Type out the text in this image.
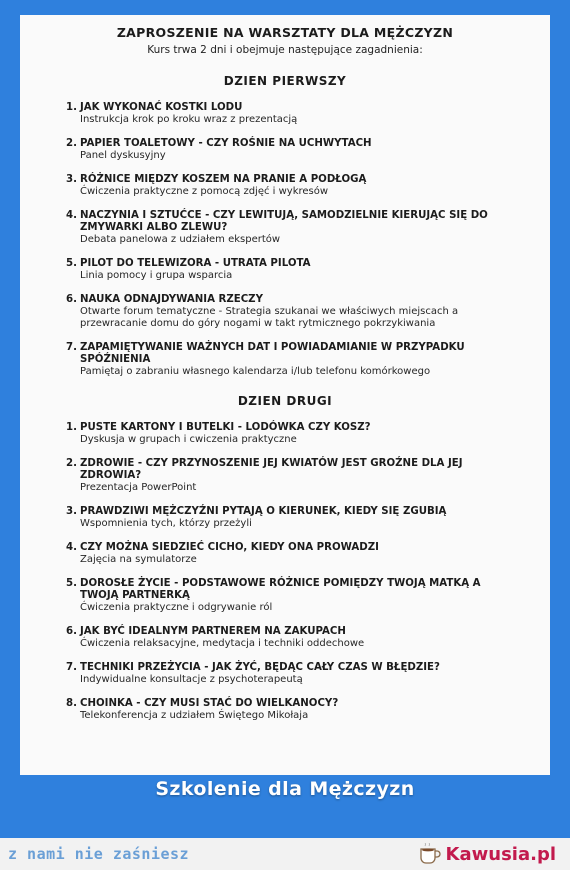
ZAPROSZENIE NA WARSZTATY DLA MĘŻCZYZN
Kurs trwa 2 dni i obejmuje następujące zagadnienia:
DZIEN PIERWSZY
1. JAK WYKONAĆ KOSTKI LODU
Instrukcja krok po kroku wraz z prezentacją
2. PAPIER TOALETOWY - CZY ROŚNIE NA UCHWYTACH
Panel dyskusyjny
3. RÓŻNICE MIĘDZY KOSZEM NA PRANIE A PODŁOGĄ
Ćwiczenia praktyczne z pomocą zdjęć i wykresów
4. NACZYNIA I SZTUĆCE - CZY LEWITUJĄ, SAMODZIELNIE KIERUJĄC SIĘ DO ZMYWARKI ALBO ZLEWU?
Debata panelowa z udziałem ekspertów
5. PILOT DO TELEWIZORA - UTRATA PILOTA
Linia pomocy i grupa wsparcia
6. NAUKA ODNAJDYWANIA RZECZY
Otwarte forum tematyczne - Strategia szukanai we właściwych miejscach a przewracanie domu do góry nogami w takt rytmicznego pokrzykiwania
7. ZAPAMIĘTYWANIE WAŻNYCH DAT I POWIADAMIANIE W PRZYPADKU SPÓŹNIENIA
Pamiętaj o zabraniu własnego kalendarza i/lub telefonu komórkowego
DZIEN DRUGI
1. PUSTE KARTONY I BUTELKI - LODÓWKA CZY KOSZ?
Dyskusja w grupach i cwiczenia praktyczne
2. ZDROWIE - CZY PRZYNOSZENIE JEJ KWIATÓW JEST GROŹNE DLA JEJ ZDROWIA?
Prezentacja PowerPoint
3. PRAWDZIWI MĘŻCZYŹNI PYTAJĄ O KIERUNEK, KIEDY SIĘ ZGUBIĄ
Wspomnienia tych, którzy przeżyli
4. CZY MOŻNA SIEDZIEĆ CICHO, KIEDY ONA PROWADZI
Zajęcia na symulatorze
5. DOROSŁE ŻYCIE - PODSTAWOWE RÓŻNICE POMIĘDZY TWOJĄ MATKĄ A TWOJĄ PARTNERKĄ
Ćwiczenia praktyczne i odgrywanie ról
6. JAK BYĆ IDEALNYM PARTNEREM NA ZAKUPACH
Ćwiczenia relaksacyjne, medytacja i techniki oddechowe
7. TECHNIKI PRZEŻYCIA - JAK ŻYĆ, BĘDĄC CAŁY CZAS W BŁĘDZIE?
Indywidualne konsultacje z psychoterapeutą
8. CHOINKA - CZY MUSI STAĆ DO WIELKANOCY?
Telekonferencja z udziałem Świętego Mikołaja
Szkolenie dla Mężczyzn
z nami nie zaśniesz	Kawusia.pl
